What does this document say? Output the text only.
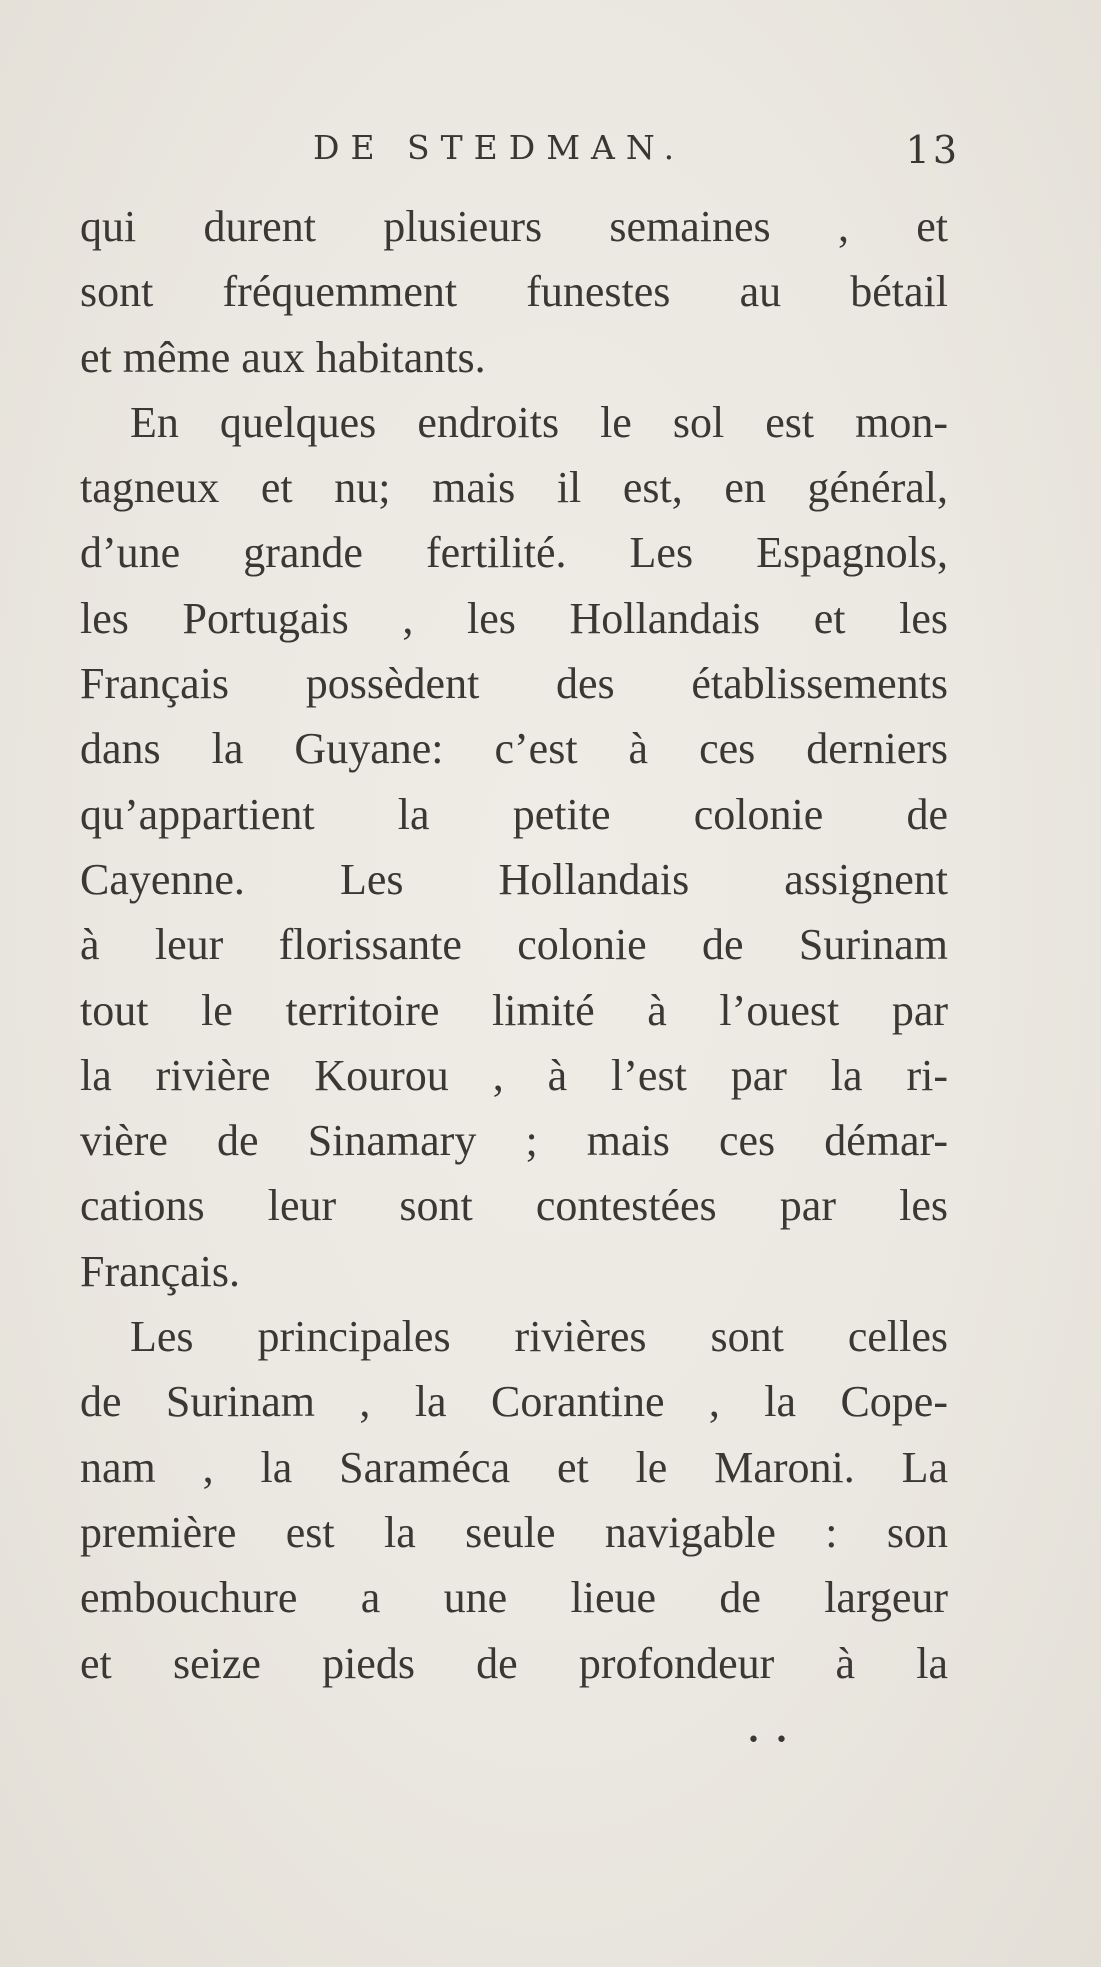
DE STEDMAN.	13
qui durent plusieurs semaines , et
sont fréquemment funestes au bétail
et même aux habitants.
En quelques endroits le sol est mon-
tagneux et nu; mais il est, en général,
d’une grande fertilité. Les Espagnols,
les Portugais , les Hollandais et les
Français possèdent des établissements
dans la Guyane: c’est à ces derniers
qu’appartient la petite colonie de
Cayenne. Les Hollandais assignent
à leur florissante colonie de Surinam
tout le territoire limité à l’ouest par
la rivière Kourou , à l’est par la ri-
vière de Sinamary ; mais ces démar-
cations leur sont contestées par les
Français.
Les principales rivières sont celles
de Surinam , la Corantine , la Cope-
nam , la Saraméca et le Maroni. La
première est la seule navigable : son
embouchure a une lieue de largeur
et seize pieds de profondeur à la
• •
